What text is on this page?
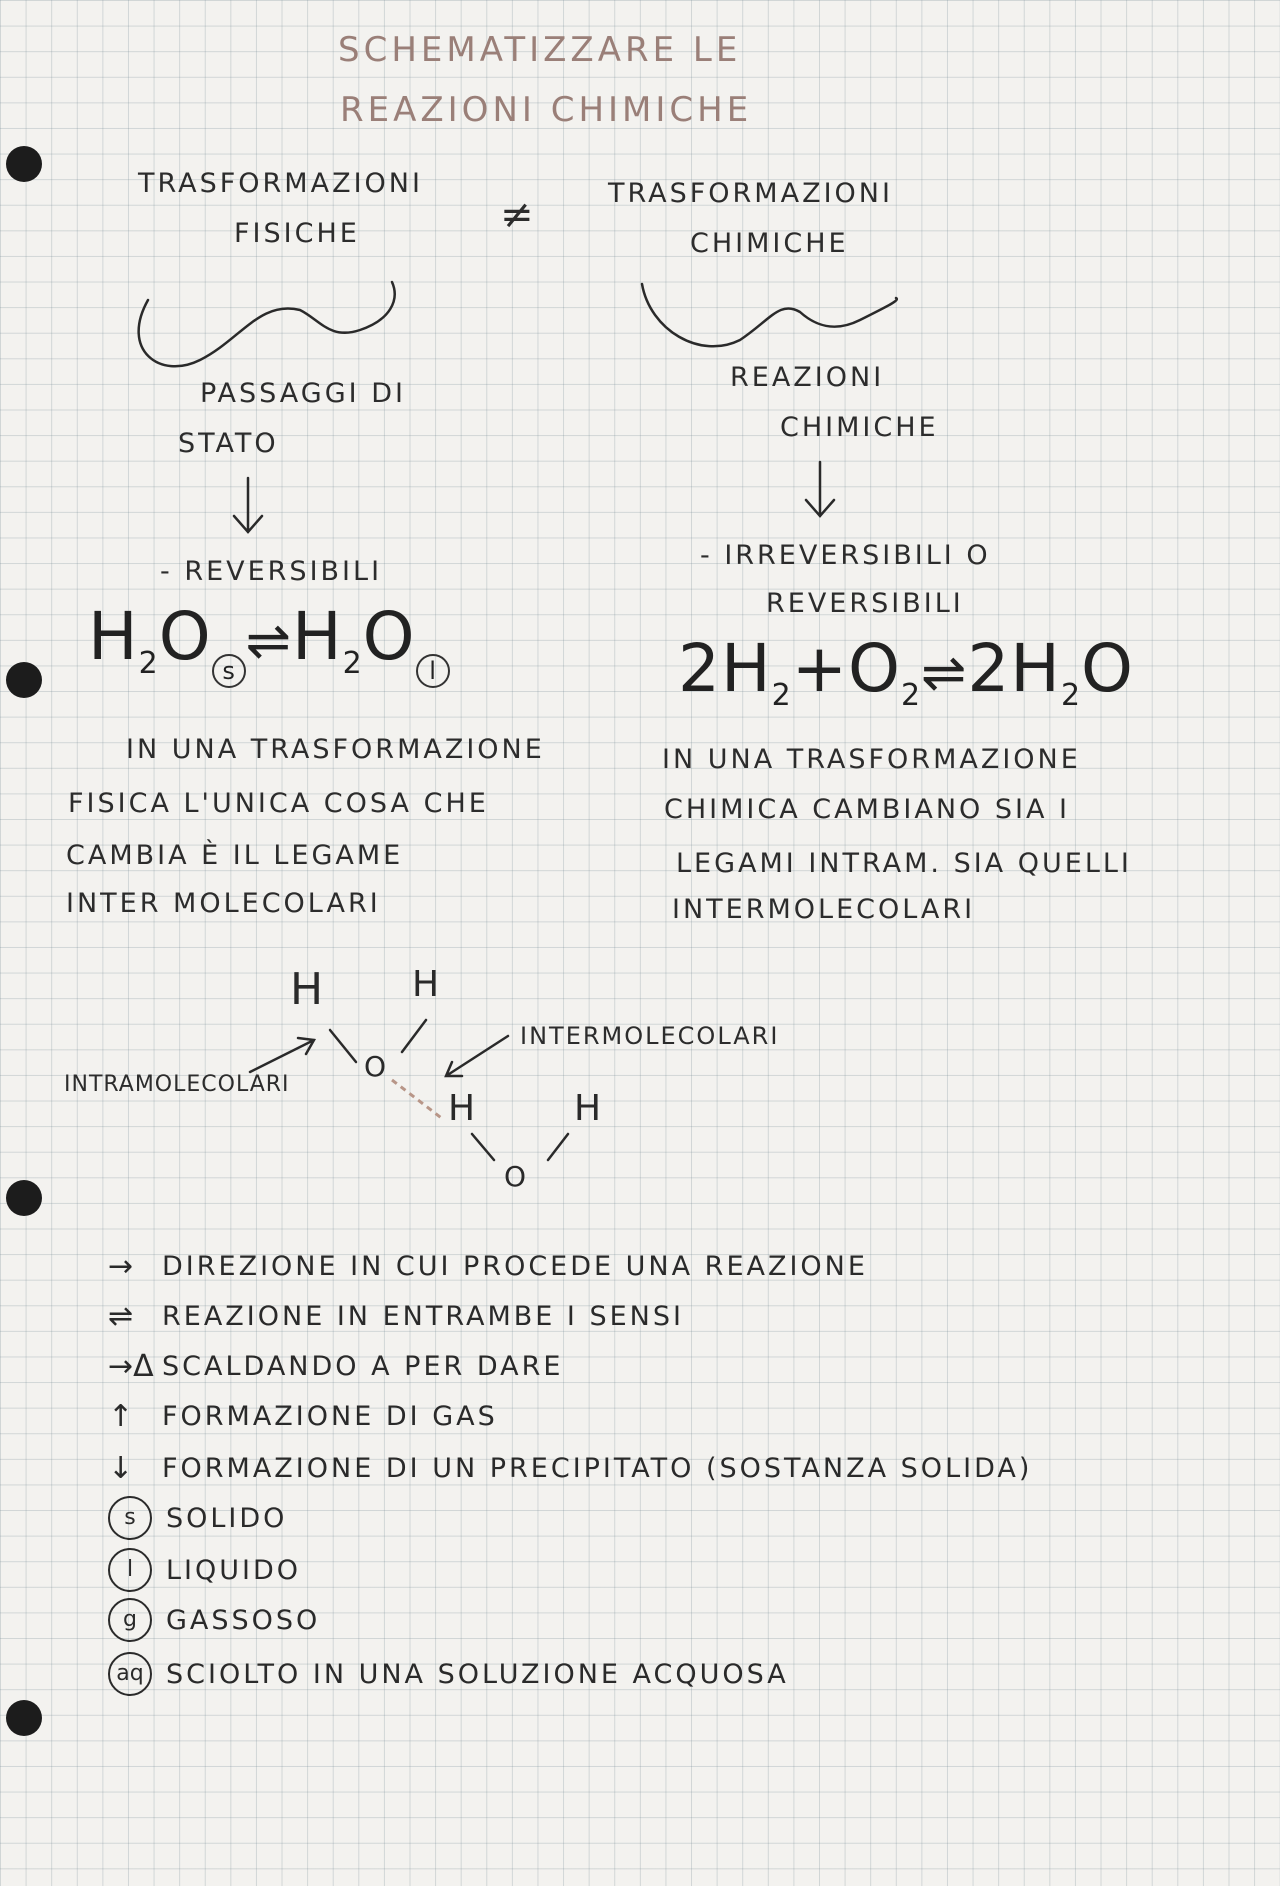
SCHEMATIZZARE LE
REAZIONI CHIMICHE
TRASFORMAZIONI
FISICHE	≠
PASSAGGI DI
STATO
- REVERSIBILI
$H_2O$ s $\rightleftharpoons H_2O$ l
IN UNA TRASFORMAZIONE
FISICA L'UNICA COSA CHE
CAMBIA È IL LEGAME
INTER MOLECOLARI
TRASFORMAZIONI
CHIMICHE
REAZIONI
CHIMICHE
- IRREVERSIBILI O
REVERSIBILI
$2H_2+O_2\rightleftharpoons 2H_2O$
IN UNA TRASFORMAZIONE
CHIMICA CAMBIANO SIA I
LEGAMI INTRAM. SIA QUELLI
INTERMOLECOLARI
H H
O
H	H
O
INTRAMOLECOLARI
INTERMOLECOLARI
→	DIREZIONE IN CUI PROCEDE UNA REAZIONE
⇌	REAZIONE IN ENTRAMBE I SENSI
→Δ SCALDANDO A PER DARE
↑	FORMAZIONE DI GAS
↓	FORMAZIONE DI UN PRECIPITATO (SOSTANZA SOLIDA)
s	SOLIDO
l	LIQUIDO
g	GASSOSO
aq SCIOLTO IN UNA SOLUZIONE ACQUOSA
